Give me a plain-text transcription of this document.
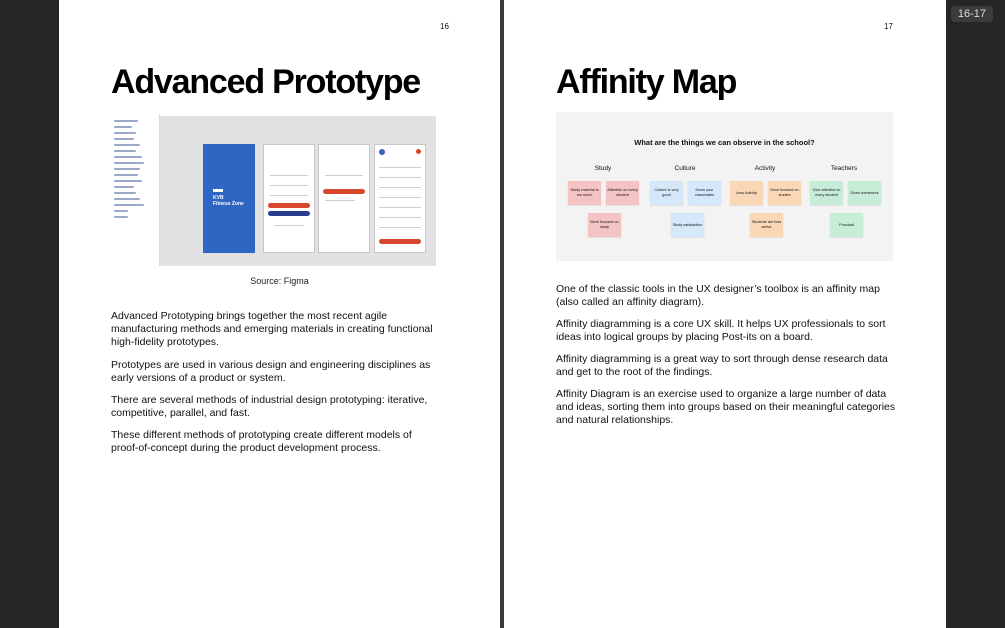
16-17
16
Advanced Prototype
KVB
Fitness Zone
Source: Figma

Advanced Prototyping brings together the most recent agile manufacturing methods and emerging materials in creating functional high-fidelity prototypes.

Prototypes are used in various design and engineering disciplines as early versions of a product or system.

There are several methods of industrial design prototyping: iterative, competitive, parallel, and fast.

These different methods of prototyping create different models of proof-of-concept during the product development process.

17
Affinity Map
What are the things we can observe in the school?
Study	Culture	Activity	Teachers
Study material is too much
Attention on every student
More focused on study
Culture is very good
Know your classmates
Study satisfaction
Less Activity
More focused on studies
Students are less active
Give attention to every student
Gives homework
Punctual

One of the classic tools in the UX designer’s toolbox is an affinity map (also called an affinity diagram).

Affinity diagramming is a core UX skill. It helps UX professionals to sort ideas into logical groups by placing Post-its on a board.

Affinity diagramming is a great way to sort through dense research data and get to the root of the findings.

Affinity Diagram is an exercise used to organize a large number of data and ideas, sorting them into groups based on their meaningful categories and natural relationships.
